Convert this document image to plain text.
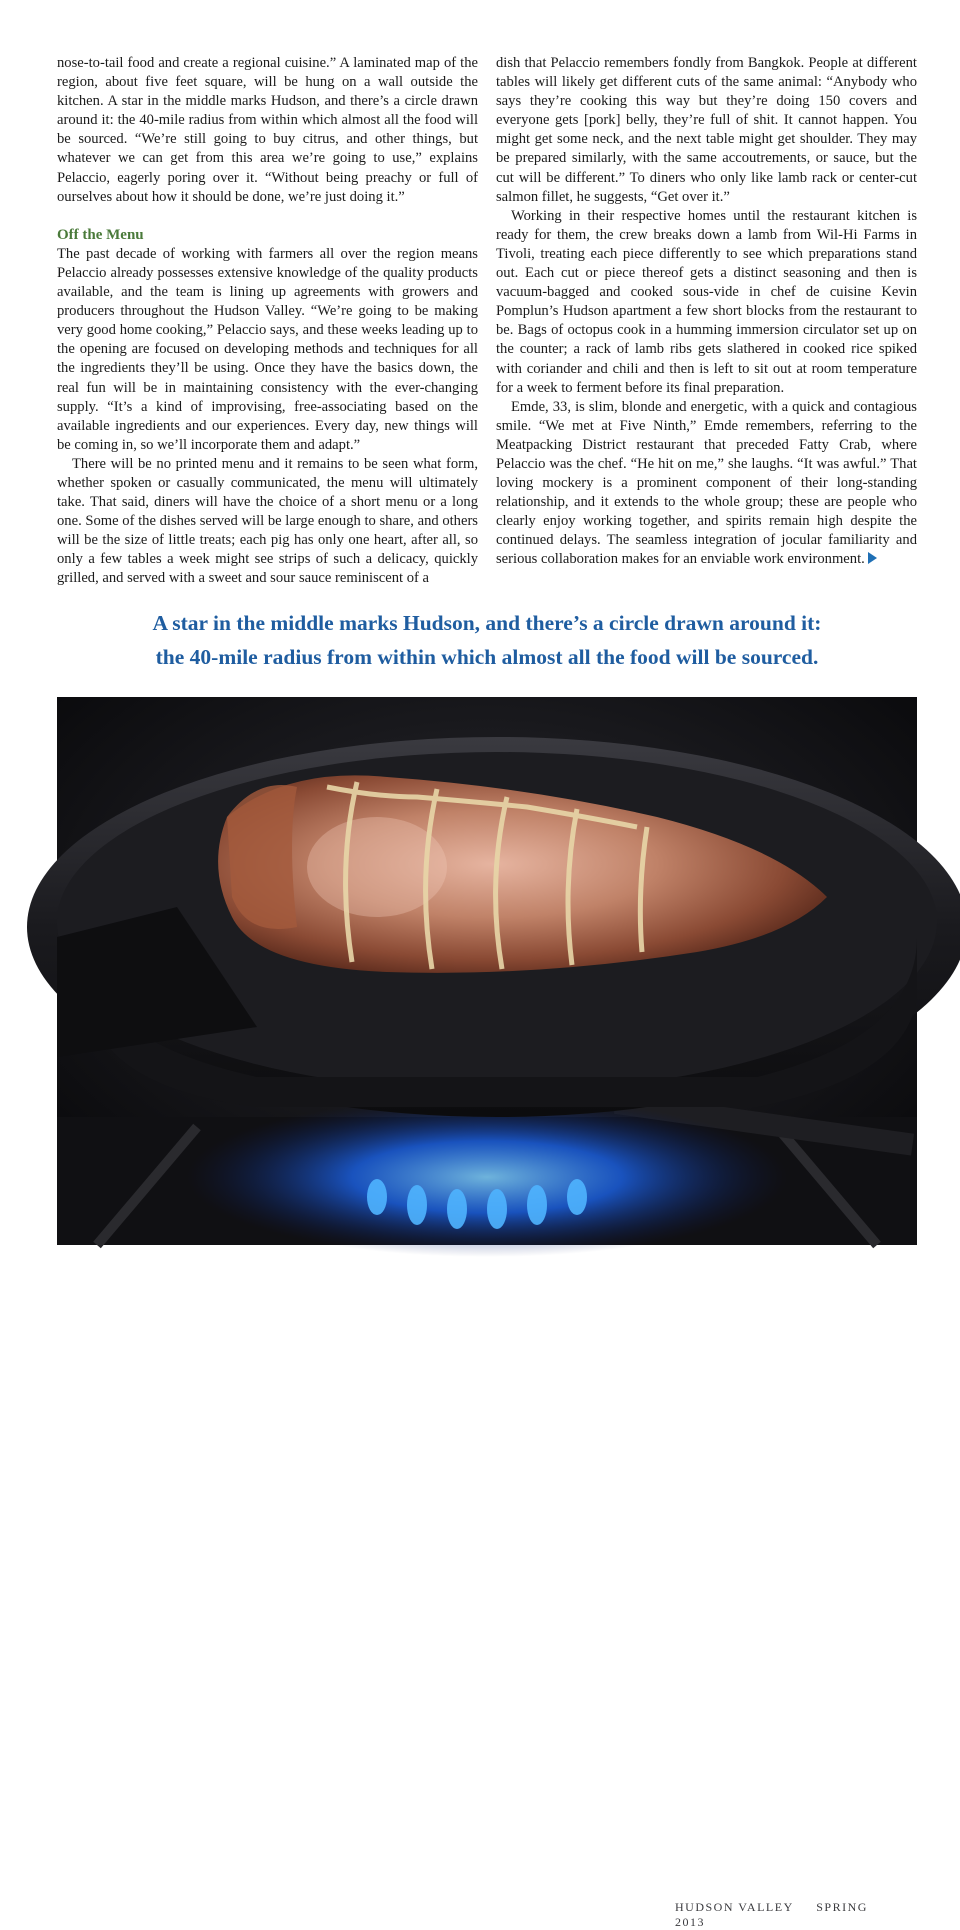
nose-to-tail food and create a regional cuisine.” A laminated map of the region, about five feet square, will be hung on a wall outside the kitchen. A star in the middle marks Hudson, and there’s a circle drawn around it: the 40-mile radius from within which almost all the food will be sourced. “We’re still going to buy citrus, and other things, but whatever we can get from this area we’re going to use,” explains Pelaccio, eagerly poring over it. “Without being preachy or full of ourselves about how it should be done, we’re just doing it.”

Off the Menu

The past decade of working with farmers all over the region means Pelaccio already possesses extensive knowledge of the quality products available, and the team is lining up agreements with growers and producers throughout the Hudson Valley. “We’re going to be making very good home cooking,” Pelaccio says, and these weeks leading up to the opening are focused on developing methods and techniques for all the ingredients they’ll be using. Once they have the basics down, the real fun will be in maintaining consistency with the ever-changing supply. “It’s a kind of improvising, free-associating based on the available ingredients and our experiences. Every day, new things will be coming in, so we’ll incorporate them and adapt.”

There will be no printed menu and it remains to be seen what form, whether spoken or casually communicated, the menu will ultimately take. That said, diners will have the choice of a short menu or a long one. Some of the dishes served will be large enough to share, and others will be the size of little treats; each pig has only one heart, after all, so only a few tables a week might see strips of such a delicacy, quickly grilled, and served with a sweet and sour sauce reminiscent of a

dish that Pelaccio remembers fondly from Bangkok. People at different tables will likely get different cuts of the same animal: “Anybody who says they’re cooking this way but they’re doing 150 covers and everyone gets [pork] belly, they’re full of shit. It cannot happen. You might get some neck, and the next table might get shoulder. They may be prepared similarly, with the same accoutrements, or sauce, but the cut will be different.” To diners who only like lamb rack or center-cut salmon fillet, he suggests, “Get over it.”

Working in their respective homes until the restaurant kitchen is ready for them, the crew breaks down a lamb from Wil-Hi Farms in Tivoli, treating each piece differently to see which preparations stand out. Each cut or piece thereof gets a distinct seasoning and then is vacuum-bagged and cooked sous-vide in chef de cuisine Kevin Pomplun’s Hudson apartment a few short blocks from the restaurant to be. Bags of octopus cook in a humming immersion circulator set up on the counter; a rack of lamb ribs gets slathered in cooked rice spiked with coriander and chili and then is left to sit out at room temperature for a week to ferment before its final preparation.

Emde, 33, is slim, blonde and energetic, with a quick and contagious smile. “We met at Five Ninth,” Emde remembers, referring to the Meatpacking District restaurant that preceded Fatty Crab, where Pelaccio was the chef. “He hit on me,” she laughs. “It was awful.” That loving mockery is a prominent component of their long-standing relationship, and it extends to the whole group; these are people who clearly enjoy working together, and spirits remain high despite the continued delays. The seamless integration of jocular familiarity and serious collaboration makes for an enviable work environment.

A star in the middle marks Hudson, and there’s a circle drawn around it:
the 40-mile radius from within which almost all the food will be sourced.
HUDSON VALLEY SPRING 2013
